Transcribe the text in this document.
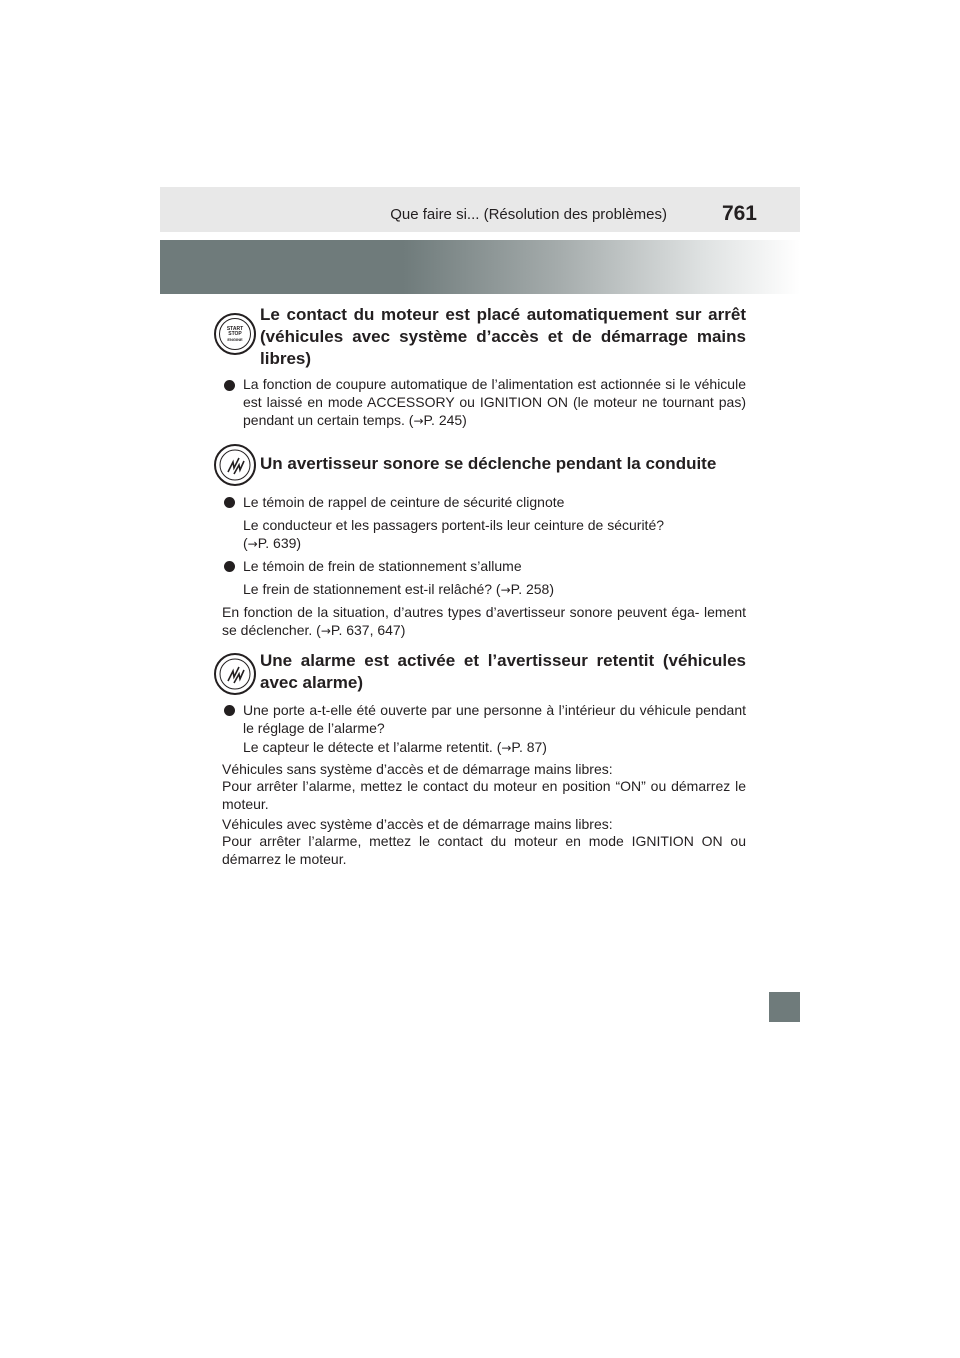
Que faire si... (Résolution des problèmes)	761
START
STOP
ENGINE
Le contact du moteur est placé automatiquement sur arrêt (véhicules avec système d’accès et de démarrage mains libres)
La fonction de coupure automatique de l’alimentation est actionnée si le véhicule est laissé en mode ACCESSORY ou IGNITION ON (le moteur ne tournant pas) pendant un certain temps. (→P. 245)
Un avertisseur sonore se déclenche pendant la conduite
Le témoin de rappel de ceinture de sécurité clignote
Le conducteur et les passagers portent-ils leur ceinture de sécurité?
(→P. 639)
Le témoin de frein de stationnement s’allume
Le frein de stationnement est-il relâché? (→P. 258)
En fonction de la situation, d’autres types d’avertisseur sonore peuvent éga- lement se déclencher. (→P. 637, 647)
Une alarme est activée et l’avertisseur retentit (véhicules avec alarme)
Une porte a-t-elle été ouverte par une personne à l’intérieur du véhicule pendant le réglage de l’alarme?
Le capteur le détecte et l’alarme retentit. (→P. 87)
Véhicules sans système d’accès et de démarrage mains libres:
Pour arrêter l’alarme, mettez le contact du moteur en position “ON” ou démarrez le moteur.
Véhicules avec système d’accès et de démarrage mains libres:
Pour arrêter l’alarme, mettez le contact du moteur en mode IGNITION ON ou démarrez le moteur.
